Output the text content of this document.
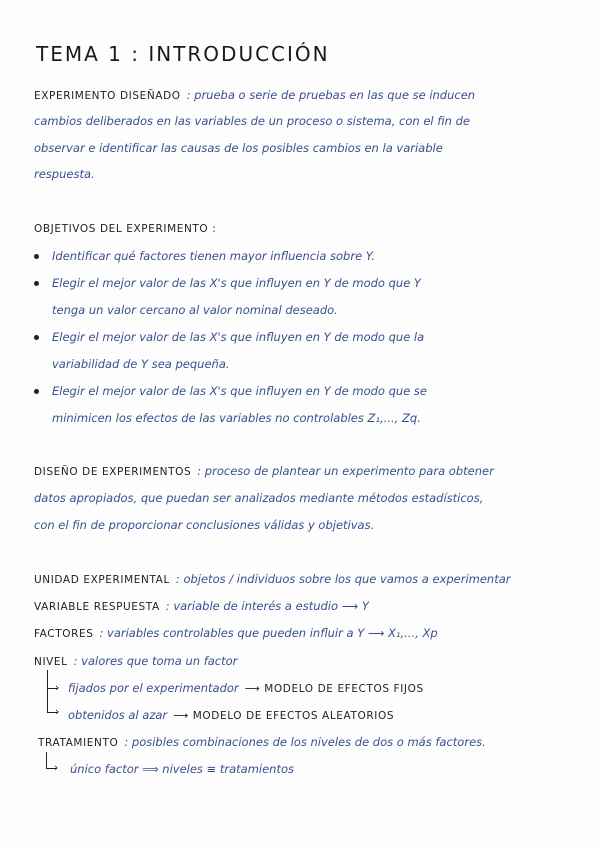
TEMA 1 : INTRODUCCIÓN
EXPERIMENTO DISEÑADO : prueba o serie de pruebas en las que se inducen
cambios deliberados en las variables de un proceso o sistema, con el fin de
observar e identificar las causas de los posibles cambios en la variable
respuesta.
OBJETIVOS DEL EXPERIMENTO :
Identificar qué factores tienen mayor influencia sobre Y.
Elegir el mejor valor de las X's que influyen en Y de modo que Y
tenga un valor cercano al valor nominal deseado.
Elegir el mejor valor de las X's que influyen en Y de modo que la
variabilidad de Y sea pequeña.
Elegir el mejor valor de las X's que influyen en Y de modo que se
minimicen los efectos de las variables no controlables Z₁,..., Zq.
DISEÑO DE EXPERIMENTOS : proceso de plantear un experimento para obtener
datos apropiados, que puedan ser analizados mediante métodos estadísticos,
con el fin de proporcionar conclusiones válidas y objetivas.
UNIDAD EXPERIMENTAL : objetos / individuos sobre los que vamos a experimentar
VARIABLE RESPUESTA : variable de interés a estudio ⟶ Y
FACTORES : variables controlables que pueden influir a Y ⟶ X₁,..., Xp
NIVEL : valores que toma un factor
›
›
fijados por el experimentador ⟶ MODELO DE EFECTOS FIJOS
obtenidos al azar ⟶ MODELO DE EFECTOS ALEATORIOS
TRATAMIENTO : posibles combinaciones de los niveles de dos o más factores.
› único factor ⟹ niveles ≡ tratamientos
